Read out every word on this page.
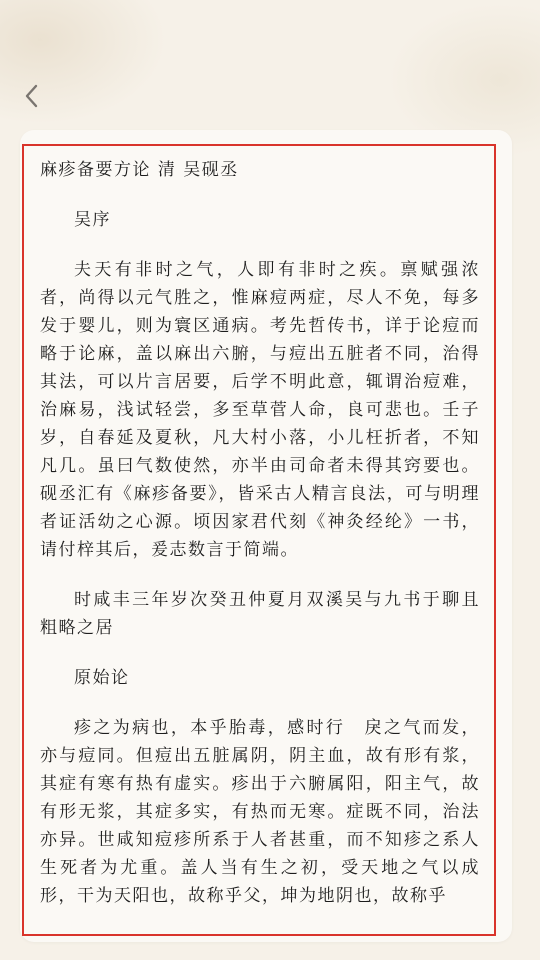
麻疹备要方论 清 吴砚丞
吴序
夫天有非时之气，人即有非时之疾。禀赋强浓者，尚得以元气胜之，惟麻痘两症，尽人不免，每多发于婴儿，则为寰区通病。考先哲传书，详于论痘而略于论麻，盖以麻出六腑，与痘出五脏者不同，治得其法，可以片言居要，后学不明此意，辄谓治痘难，治麻易，浅试轻尝，多至草菅人命，良可悲也。壬子岁，自春延及夏秋，凡大村小落，小儿枉折者，不知凡几。虽曰气数使然，亦半由司命者未得其窍要也。砚丞汇有《麻疹备要》，皆采古人精言良法，可与明理者证活幼之心源。顷因家君代刻《神灸经纶》一书，请付梓其后，爰志数言于简端。
时咸丰三年岁次癸丑仲夏月双溪吴与九书于聊且粗略之居
原始论
疹之为病也，本乎胎毒，感时行　戾之气而发，亦与痘同。但痘出五脏属阴，阴主血，故有形有浆，其症有寒有热有虚实。疹出于六腑属阳，阳主气，故有形无浆，其症多实，有热而无寒。症既不同，治法亦异。世咸知痘疹所系于人者甚重，而不知疹之系人生死者为尤重。盖人当有生之初，受天地之气以成形，干为天阳也，故称乎父，坤为地阴也，故称乎
